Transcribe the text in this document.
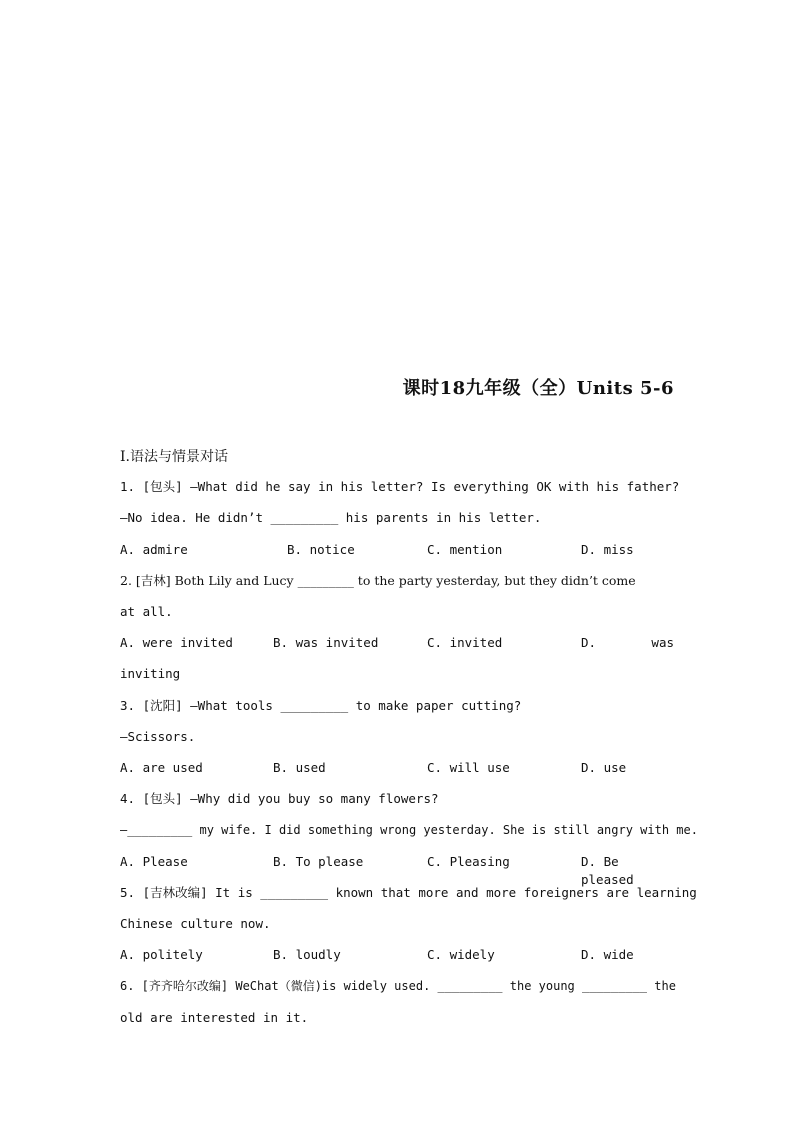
课时18九年级（全）Units 5-6
Ⅰ.语法与情景对话
1. [包头] —What did he say in his letter? Is everything OK with his father?
—No idea. He didn’t _________ his parents in his letter.
A. admire	B. notice	C. mention	D. miss
2. [吉林] Both Lily and Lucy _________ to the party yesterday, but they didn’t come
at all.
A. were invited	B. was invited	C. invited	D.	was
inviting
3. [沈阳] —What tools _________ to make paper cutting?
—Scissors.
A. are used	B. used	C. will use	D. use
4. [包头] —Why did you buy so many flowers?
—_________ my wife. I did something wrong yesterday. She is still angry with me.
A. Please	B. To please	C. Pleasing	D. Be pleased
5. [吉林改编] It is _________ known that more and more foreigners are learning
Chinese culture now.
A. politely	B. loudly	C. widely	D. wide
6. [齐齐哈尔改编] WeChat（微信)is widely used. _________ the young _________ the
old are interested in it.
